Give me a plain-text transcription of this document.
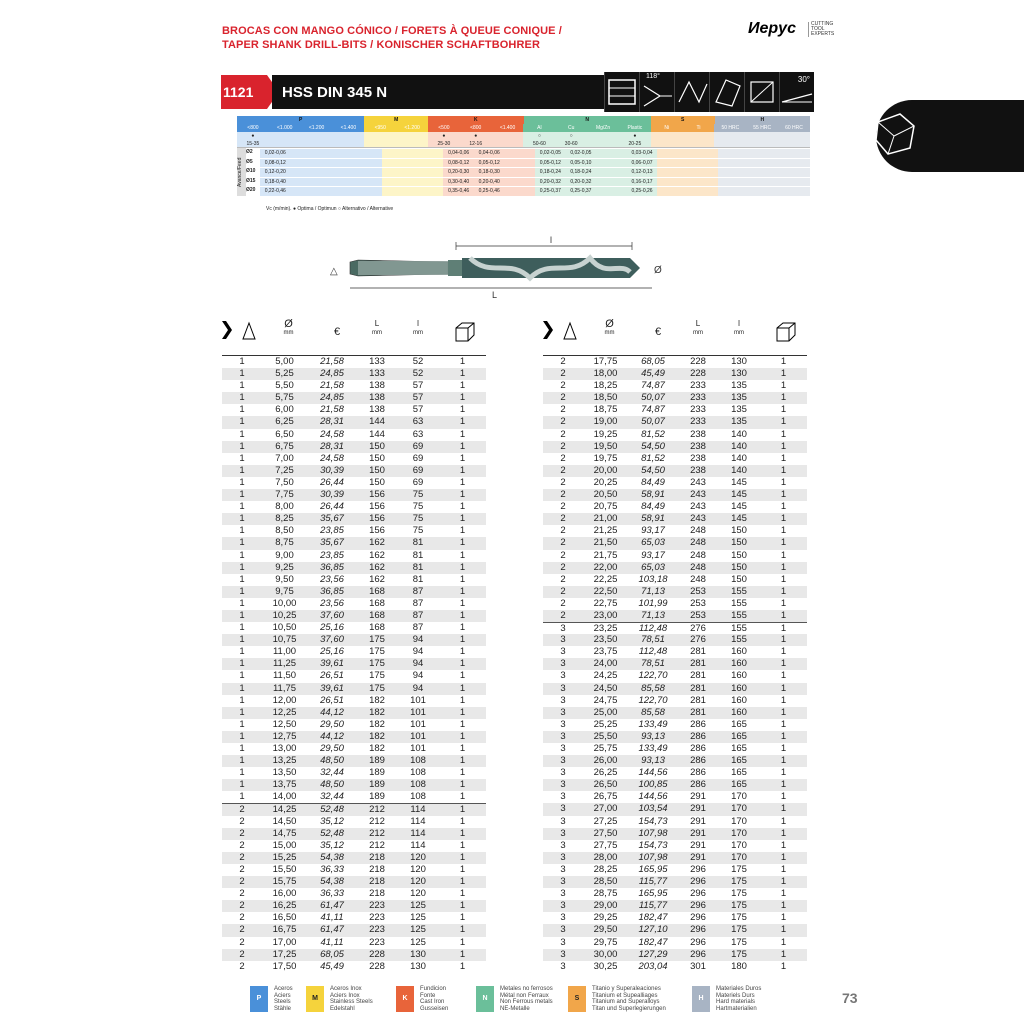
BROCAS CON MANGO CÓNICO / FORETS À QUEUE CONIQUE /
TAPER SHANK DRILL-BITS / KONISCHER SCHAFTBOHRER
Иepyc	CUTTING
TOOL
EXPERTS
1121	HSS DIN 345 N
118°	30°
P	M	K	N	S	H
<800	<1.000	<1.200	<1.400	<950	<1.200	<500	<800	<1.400	Al	Cu	Mg/Zn	Plastic	Ni	Ti	50 HRC	55 HRC	60 HRC
●	●	●	○	○	●
15-35	25-30	12-16	50-60	30-60	20-25
Avance/Feed
Ø2	0,02-0,06	0,04-0,06	0,04-0,06	0,02-0,05	0,02-0,05	0,03-0,04
Ø5	0,08-0,12	0,08-0,12	0,05-0,12	0,05-0,12	0,05-0,10	0,06-0,07
Ø10	0,12-0,20	0,20-0,30	0,18-0,30	0,18-0,24	0,18-0,24	0,12-0,13
Ø15	0,18-0,40	0,30-0,40	0,20-0,40	0,20-0,32	0,20-0,32	0,16-0,17
Ø20	0,22-0,46	0,35-0,46	0,25-0,46	0,25-0,37	0,25-0,37	0,25-0,26
Vc (m/min). ● Optima / Optimun ○ Alternativo / Alternative
l
L
△	Ø
Ø
mm	€
L
mm
l
mm
1	5,00	21,58	133	52	1
1	5,25	24,85	133	52	1
1	5,50	21,58	138	57	1
1	5,75	24,85	138	57	1
1	6,00	21,58	138	57	1
1	6,25	28,31	144	63	1
1	6,50	24,58	144	63	1
1	6,75	28,31	150	69	1
1	7,00	24,58	150	69	1
1	7,25	30,39	150	69	1
1	7,50	26,44	150	69	1
1	7,75	30,39	156	75	1
1	8,00	26,44	156	75	1
1	8,25	35,67	156	75	1
1	8,50	23,85	156	75	1
1	8,75	35,67	162	81	1
1	9,00	23,85	162	81	1
1	9,25	36,85	162	81	1
1	9,50	23,56	162	81	1
1	9,75	36,85	168	87	1
1	10,00	23,56	168	87	1
1	10,25	37,60	168	87	1
1	10,50	25,16	168	87	1
1	10,75	37,60	175	94	1
1	11,00	25,16	175	94	1
1	11,25	39,61	175	94	1
1	11,50	26,51	175	94	1
1	11,75	39,61	175	94	1
1	12,00	26,51	182	101	1
1	12,25	44,12	182	101	1
1	12,50	29,50	182	101	1
1	12,75	44,12	182	101	1
1	13,00	29,50	182	101	1
1	13,25	48,50	189	108	1
1	13,50	32,44	189	108	1
1	13,75	48,50	189	108	1
1	14,00	32,44	189	108	1
2	14,25	52,48	212	114	1
2	14,50	35,12	212	114	1
2	14,75	52,48	212	114	1
2	15,00	35,12	212	114	1
2	15,25	54,38	218	120	1
2	15,50	36,33	218	120	1
2	15,75	54,38	218	120	1
2	16,00	36,33	218	120	1
2	16,25	61,47	223	125	1
2	16,50	41,11	223	125	1
2	16,75	61,47	223	125	1
2	17,00	41,11	223	125	1
2	17,25	68,05	228	130	1
2	17,50	45,49	228	130	1
Ø
mm	€
L
mm
l
mm
2	17,75	68,05	228	130	1
2	18,00	45,49	228	130	1
2	18,25	74,87	233	135	1
2	18,50	50,07	233	135	1
2	18,75	74,87	233	135	1
2	19,00	50,07	233	135	1
2	19,25	81,52	238	140	1
2	19,50	54,50	238	140	1
2	19,75	81,52	238	140	1
2	20,00	54,50	238	140	1
2	20,25	84,49	243	145	1
2	20,50	58,91	243	145	1
2	20,75	84,49	243	145	1
2	21,00	58,91	243	145	1
2	21,25	93,17	248	150	1
2	21,50	65,03	248	150	1
2	21,75	93,17	248	150	1
2	22,00	65,03	248	150	1
2	22,25	103,18	248	150	1
2	22,50	71,13	253	155	1
2	22,75	101,99	253	155	1
2	23,00	71,13	253	155	1
3	23,25	112,48	276	155	1
3	23,50	78,51	276	155	1
3	23,75	112,48	281	160	1
3	24,00	78,51	281	160	1
3	24,25	122,70	281	160	1
3	24,50	85,58	281	160	1
3	24,75	122,70	281	160	1
3	25,00	85,58	281	160	1
3	25,25	133,49	286	165	1
3	25,50	93,13	286	165	1
3	25,75	133,49	286	165	1
3	26,00	93,13	286	165	1
3	26,25	144,56	286	165	1
3	26,50	100,85	286	165	1
3	26,75	144,56	291	170	1
3	27,00	103,54	291	170	1
3	27,25	154,73	291	170	1
3	27,50	107,98	291	170	1
3	27,75	154,73	291	170	1
3	28,00	107,98	291	170	1
3	28,25	165,95	296	175	1
3	28,50	115,77	296	175	1
3	28,75	165,95	296	175	1
3	29,00	115,77	296	175	1
3	29,25	182,47	296	175	1
3	29,50	127,10	296	175	1
3	29,75	182,47	296	175	1
3	30,00	127,29	296	175	1
3	30,25	203,04	301	180	1
P
Aceros
Aciers
Steels
Stähle
M
Aceros Inox
Aciers Inox
Stainless Steels
Edelstahl
K
Fundicion
Fonte
Cast Iron
Gusseisen
N
Metales no ferrosos
Métal non Ferraux
Non Ferrous metals
NE-Metalle
S
Titanio y Superaleaciones
Titanium et Supealliages
Titanium and Superalloys
Titan und Superlegierungen
H
Materiales Duros
Materiels Durs
Hard materials
Hartmaterialien
73
